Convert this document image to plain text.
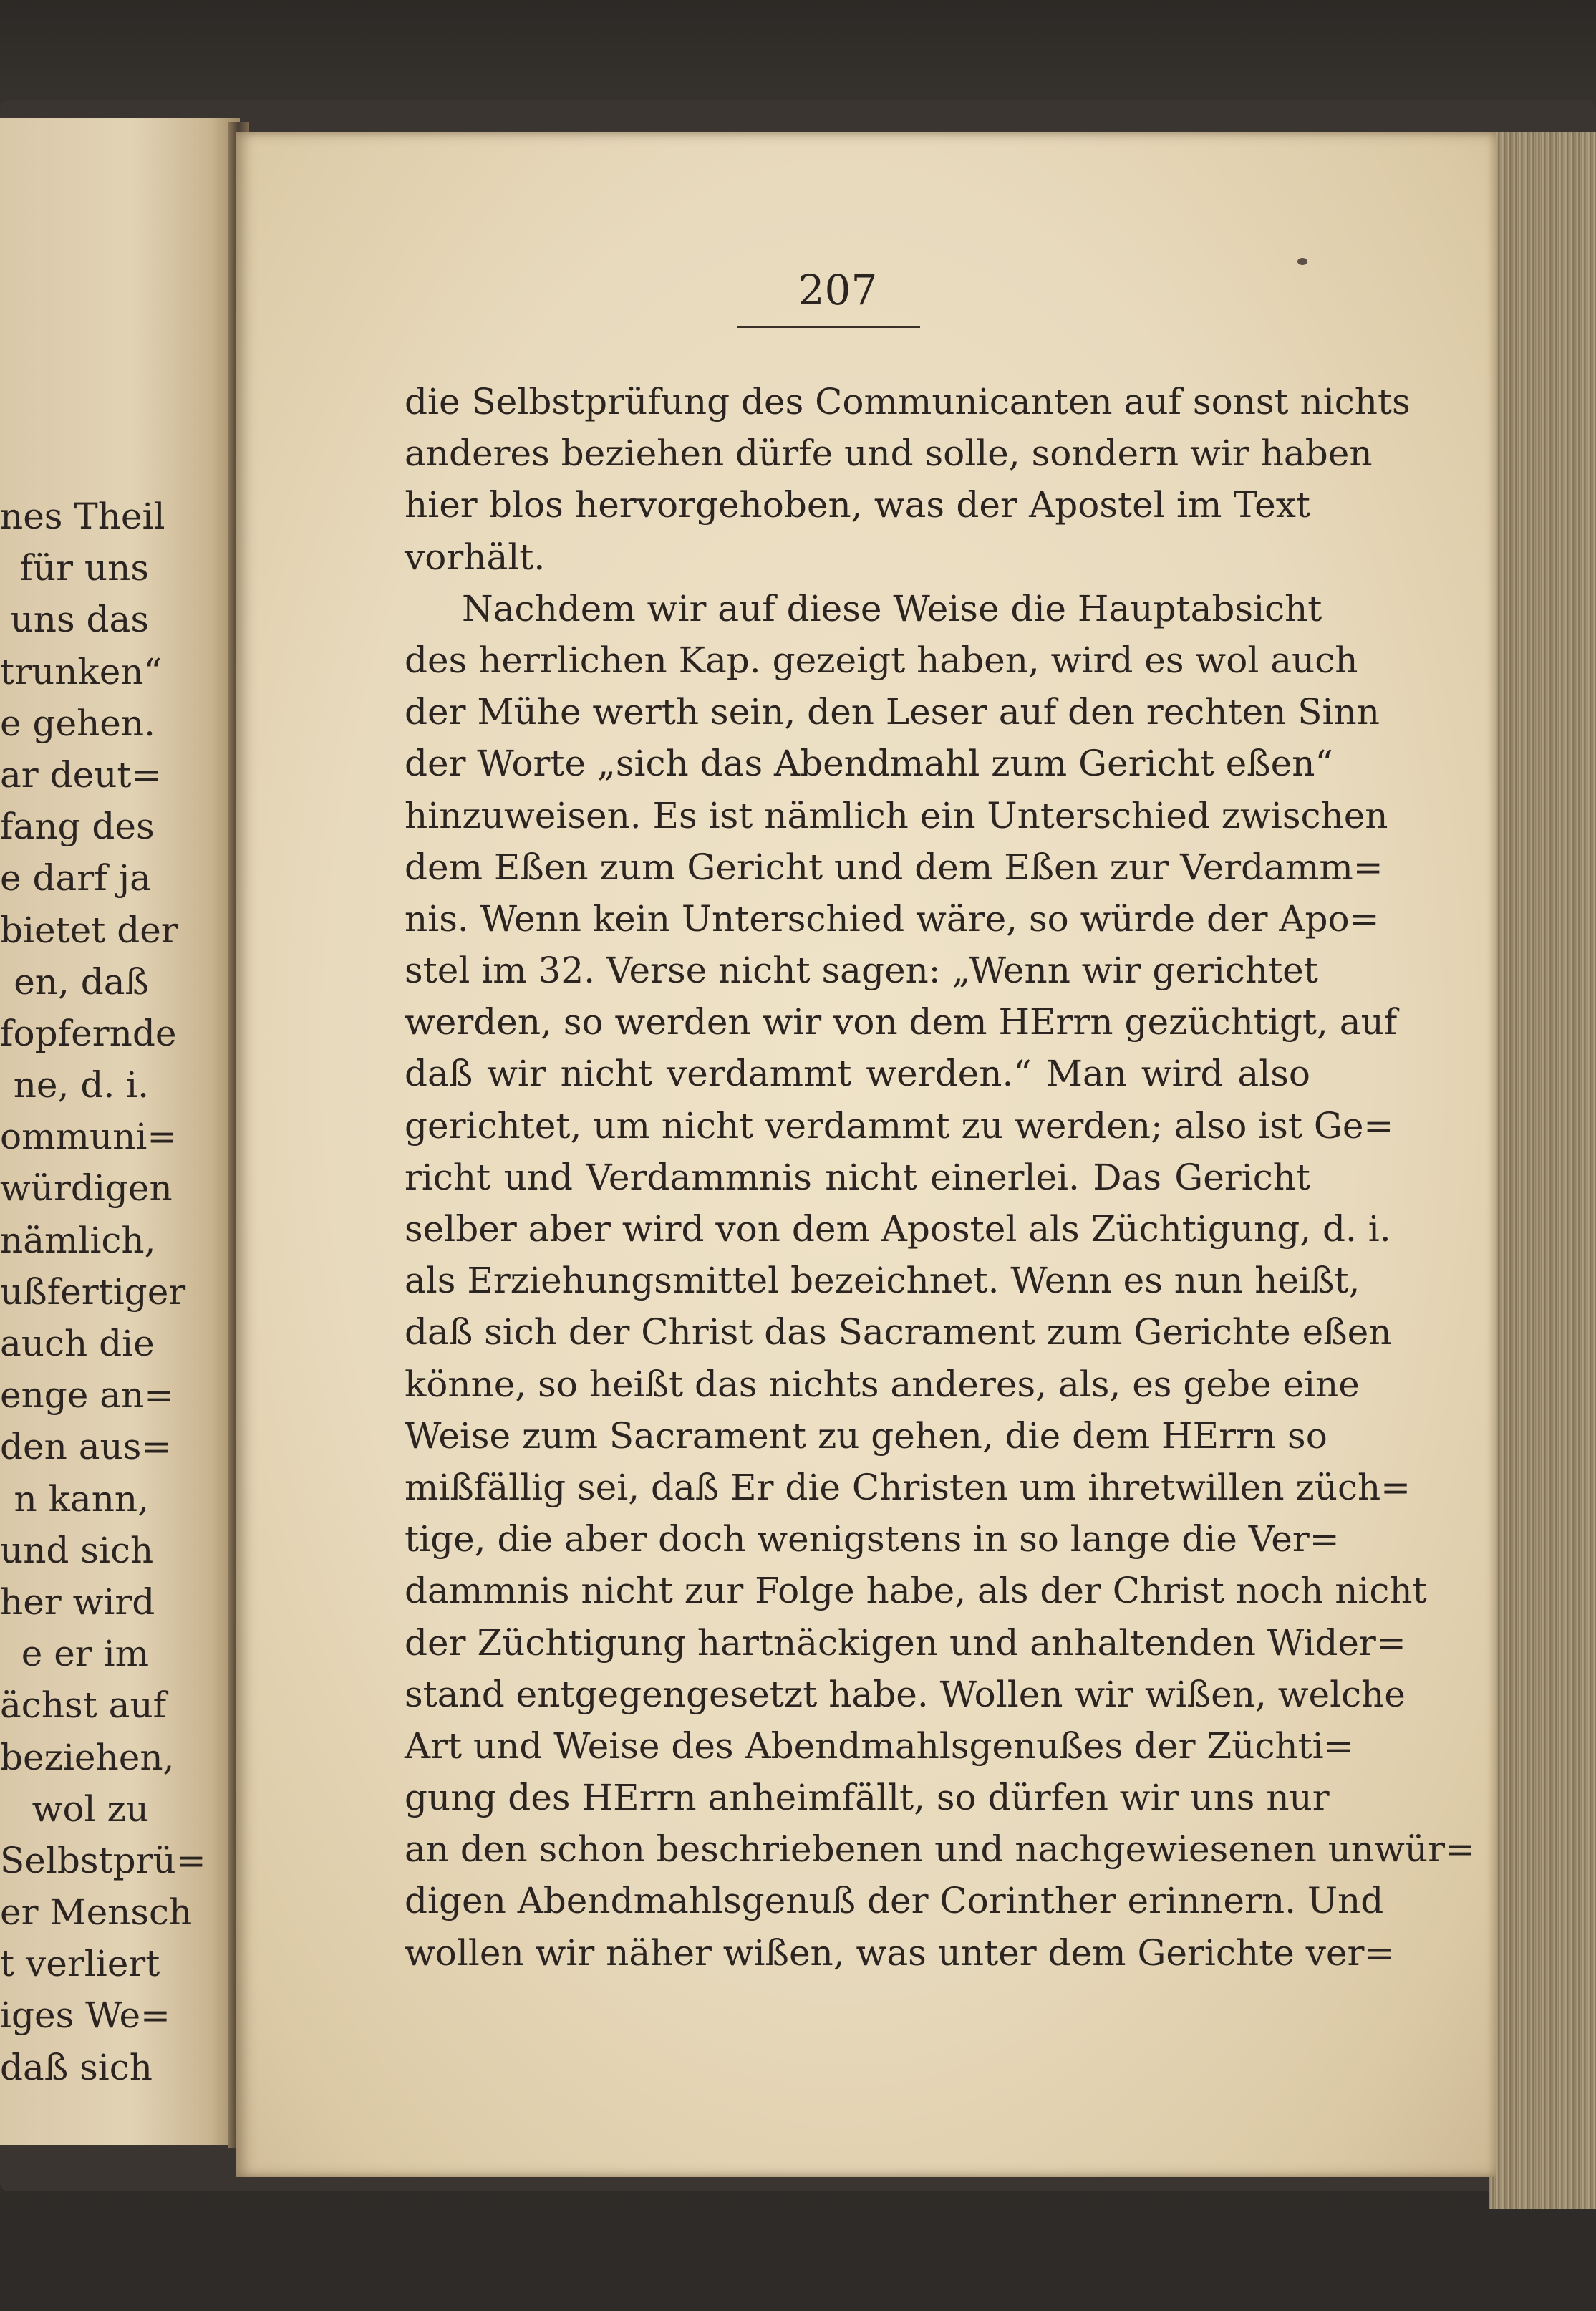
nes Theil
für uns
uns das
trunken“
e gehen.
ar deut=
fang des
e darf ja
bietet der
en, daß
fopfernde
ne, d. i.
ommuni=
würdigen
nämlich,
ußfertiger
auch die
enge an=
den aus=
n kann,
und sich
her wird
e er im
ächst auf
beziehen,
wol zu
Selbstprü=
er Mensch
t verliert
iges We=
daß sich
207
die Selbstprüfung des Communicanten auf sonst nichts
anderes beziehen dürfe und solle, sondern wir haben
hier blos hervorgehoben, was der Apostel im Text
vorhält.
Nachdem wir auf diese Weise die Hauptabsicht
des herrlichen Kap. gezeigt haben, wird es wol auch
der Mühe werth sein, den Leser auf den rechten Sinn
der Worte „sich das Abendmahl zum Gericht eßen“
hinzuweisen. Es ist nämlich ein Unterschied zwischen
dem Eßen zum Gericht und dem Eßen zur Verdamm=
nis. Wenn kein Unterschied wäre, so würde der Apo=
stel im 32. Verse nicht sagen: „Wenn wir gerichtet
werden, so werden wir von dem HErrn gezüchtigt, auf
daß wir nicht verdammt werden.“ Man wird also
gerichtet, um nicht verdammt zu werden; also ist Ge=
richt und Verdammnis nicht einerlei. Das Gericht
selber aber wird von dem Apostel als Züchtigung, d. i.
als Erziehungsmittel bezeichnet. Wenn es nun heißt,
daß sich der Christ das Sacrament zum Gerichte eßen
könne, so heißt das nichts anderes, als, es gebe eine
Weise zum Sacrament zu gehen, die dem HErrn so
mißfällig sei, daß Er die Christen um ihretwillen züch=
tige, die aber doch wenigstens in so lange die Ver=
dammnis nicht zur Folge habe, als der Christ noch nicht
der Züchtigung hartnäckigen und anhaltenden Wider=
stand entgegengesetzt habe. Wollen wir wißen, welche
Art und Weise des Abendmahlsgenußes der Züchti=
gung des HErrn anheimfällt, so dürfen wir uns nur
an den schon beschriebenen und nachgewiesenen unwür=
digen Abendmahlsgenuß der Corinther erinnern. Und
wollen wir näher wißen, was unter dem Gerichte ver=
